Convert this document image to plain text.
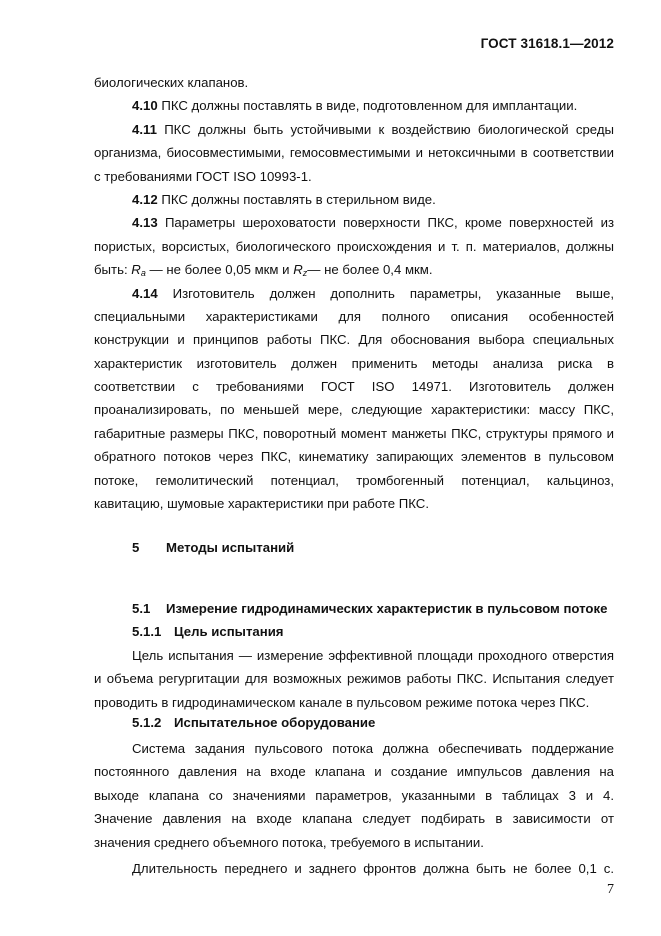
ГОСТ 31618.1—2012
биологических клапанов.
4.10 ПКС должны поставлять в виде, подготовленном для имплантации.
4.11 ПКС должны быть устойчивыми к воздействию биологической среды
организма, биосовместимыми, гемосовместимыми и нетоксичными в соответствии
с требованиями ГОСТ ISO 10993-1.
4.12 ПКС должны поставлять в стерильном виде.
4.13 Параметры шероховатости поверхности ПКС, кроме поверхностей из
пористых, ворсистых, биологического происхождения и т. п. материалов, должны
быть: $R_a$ — не более 0,05 мкм и $R_z—$ не более 0,4 мкм.
4.14 Изготовитель должен дополнить параметры, указанные выше,
специальными характеристиками для полного описания особенностей
конструкции и принципов работы ПКС. Для обоснования выбора специальных
характеристик изготовитель должен применить методы анализа риска в
соответствии с требованиями ГОСТ ISO 14971. Изготовитель должен
проанализировать, по меньшей мере, следующие характеристики: массу ПКС,
габаритные размеры ПКС, поворотный момент манжеты ПКС, структуры прямого и
обратного потоков через ПКС, кинематику запирающих элементов в пульсовом
потоке, гемолитический потенциал, тромбогенный потенциал, кальциноз,
кавитацию, шумовые характеристики при работе ПКС.
5 Методы испытаний
5.1 Измерение гидродинамических характеристик в пульсовом потоке
5.1.1 Цель испытания
Цель испытания — измерение эффективной площади проходного отверстия
и объема регургитации для возможных режимов работы ПКС. Испытания следует
проводить в гидродинамическом канале в пульсовом режиме потока через ПКС.
5.1.2 Испытательное оборудование
Система задания пульсового потока должна обеспечивать поддержание
постоянного давления на входе клапана и создание импульсов давления на
выходе клапана со значениями параметров, указанными в таблицах 3 и 4.
Значение давления на входе клапана следует подбирать в зависимости от
значения среднего объемного потока, требуемого в испытании.
Длительность переднего и заднего фронтов должна быть не более 0,1 с.
7
